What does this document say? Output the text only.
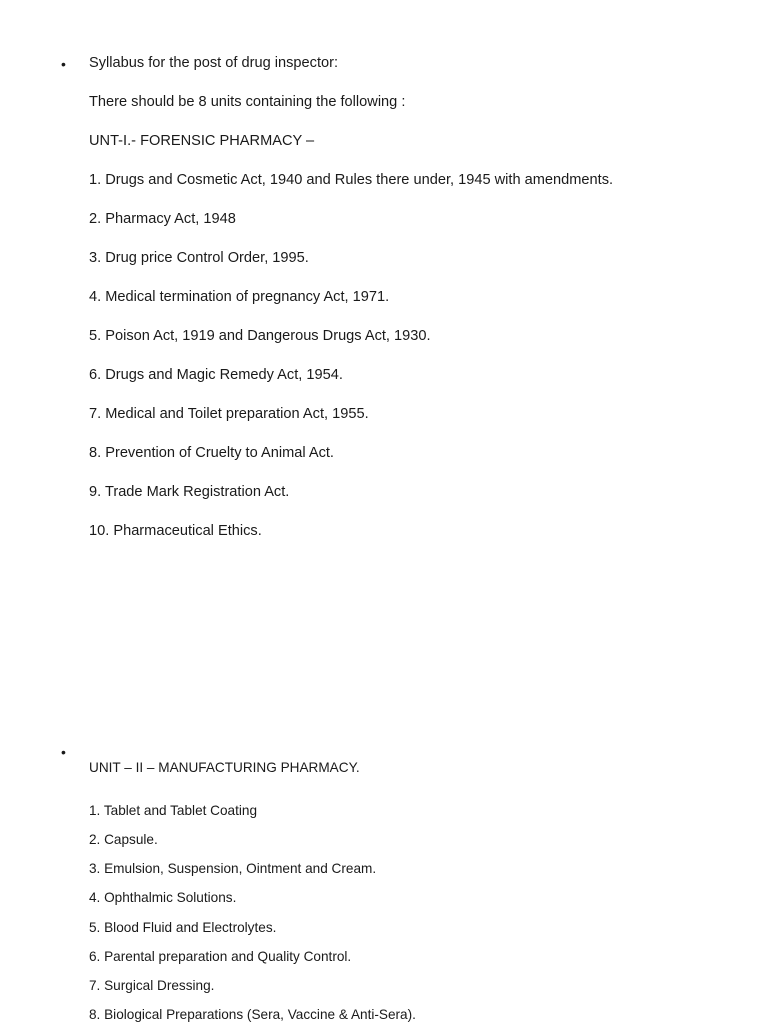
• Syllabus for the post of drug inspector:
There should be 8 units containing the following :
UNT-I.- FORENSIC PHARMACY –
1. Drugs and Cosmetic Act, 1940 and Rules there under, 1945 with amendments.
2. Pharmacy Act, 1948
3. Drug price Control Order, 1995.
4. Medical termination of pregnancy Act, 1971.
5. Poison Act, 1919 and Dangerous Drugs Act, 1930.
6. Drugs and Magic Remedy Act, 1954.
7. Medical and Toilet preparation Act, 1955.
8. Prevention of Cruelty to Animal Act.
9. Trade Mark Registration Act.
10. Pharmaceutical Ethics.
•
UNIT – II – MANUFACTURING PHARMACY.
1. Tablet and Tablet Coating
2. Capsule.
3. Emulsion, Suspension, Ointment and Cream.
4. Ophthalmic Solutions.
5. Blood Fluid and Electrolytes.
6. Parental preparation and Quality Control.
7. Surgical Dressing.
8. Biological Preparations (Sera, Vaccine & Anti-Sera).
